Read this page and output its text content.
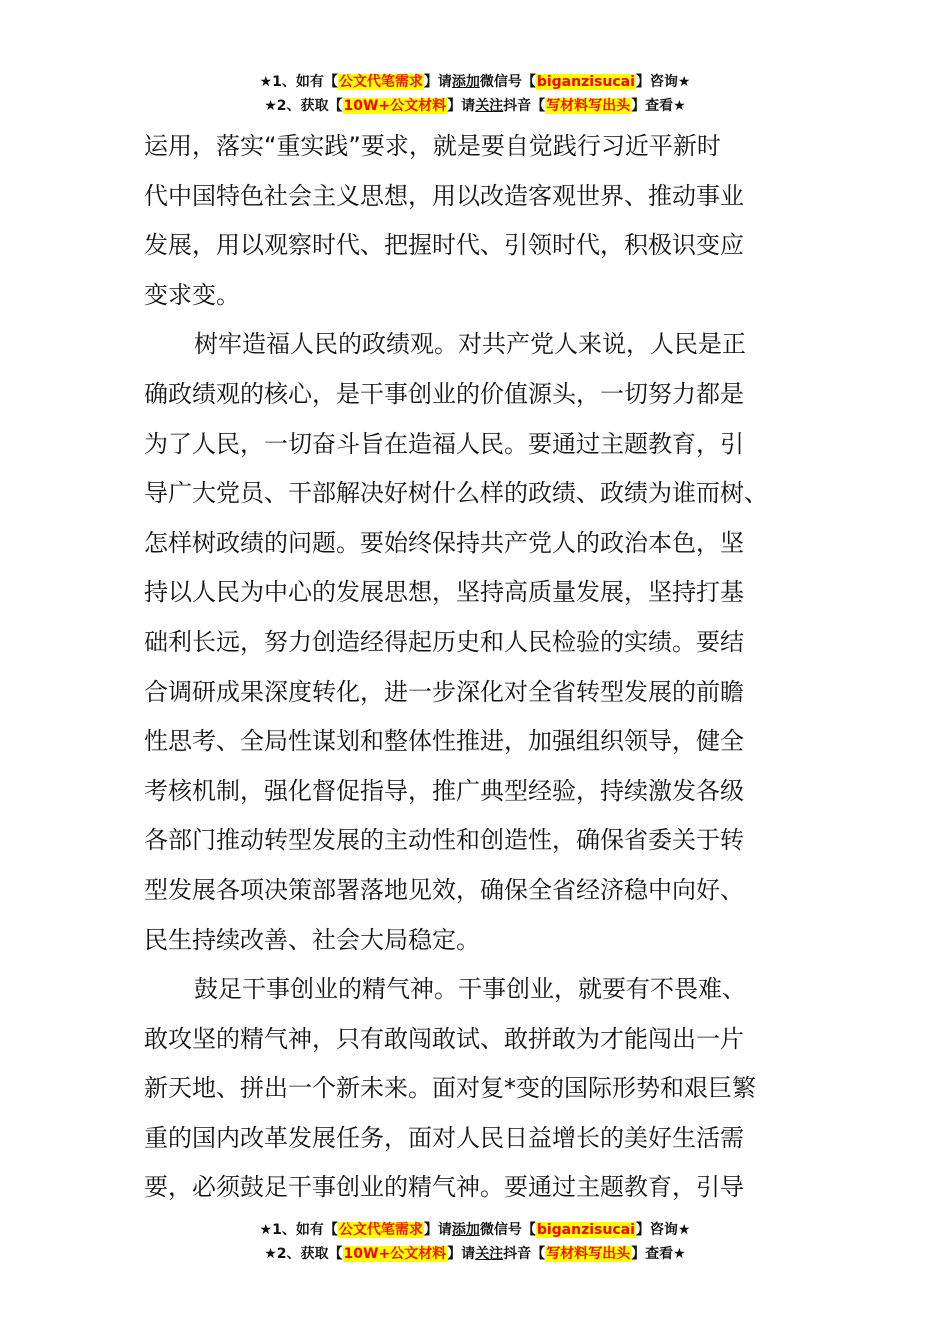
★1、如有【公文代笔需求】请添加微信号【biganzisucai】咨询★
★2、获取【10W+公文材料】请关注抖音【写材料写出头】查看★

运用，落实“重实践”要求，就是要自觉践行习近平新时
代中国特色社会主义思想，用以改造客观世界、推动事业
发展，用以观察时代、把握时代、引领时代，积极识变应
变求变。

树牢造福人民的政绩观。对共产党人来说，人民是正
确政绩观的核心，是干事创业的价值源头，一切努力都是
为了人民，一切奋斗旨在造福人民。要通过主题教育，引
导广大党员、干部解决好树什么样的政绩、政绩为谁而树、
怎样树政绩的问题。要始终保持共产党人的政治本色，坚
持以人民为中心的发展思想，坚持高质量发展，坚持打基
础利长远，努力创造经得起历史和人民检验的实绩。要结
合调研成果深度转化，进一步深化对全省转型发展的前瞻
性思考、全局性谋划和整体性推进，加强组织领导，健全
考核机制，强化督促指导，推广典型经验，持续激发各级
各部门推动转型发展的主动性和创造性，确保省委关于转
型发展各项决策部署落地见效，确保全省经济稳中向好、
民生持续改善、社会大局稳定。

鼓足干事创业的精气神。干事创业，就要有不畏难、
敢攻坚的精气神，只有敢闯敢试、敢拼敢为才能闯出一片
新天地、拼出一个新未来。面对复*变的国际形势和艰巨繁
重的国内改革发展任务，面对人民日益增长的美好生活需
要，必须鼓足干事创业的精气神。要通过主题教育，引导

★1、如有【公文代笔需求】请添加微信号【biganzisucai】咨询★
★2、获取【10W+公文材料】请关注抖音【写材料写出头】查看★
